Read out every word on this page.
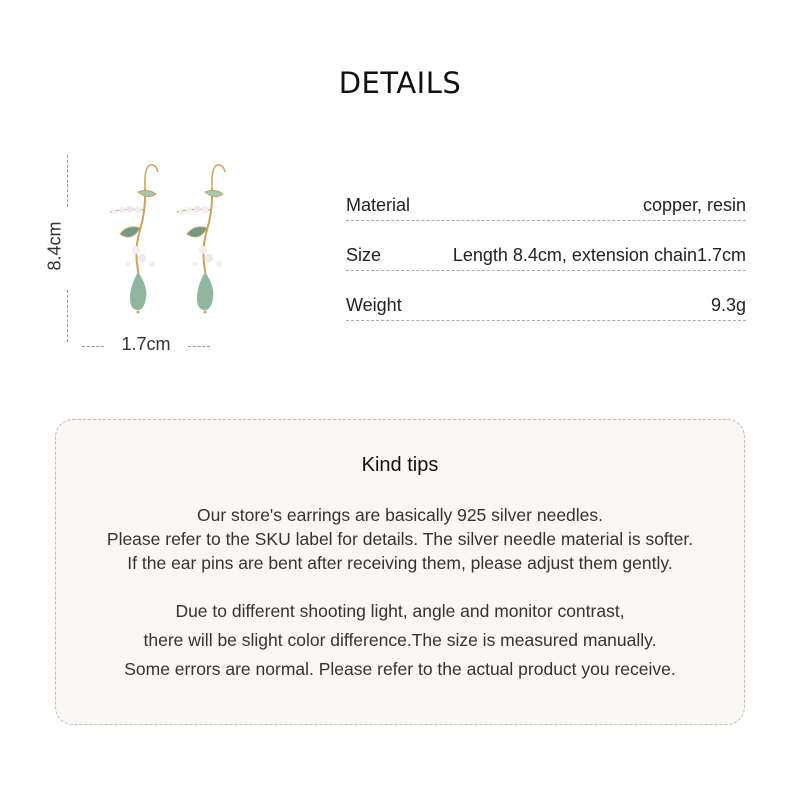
DETAILS
8.4cm
1.7cm
Material	copper, resin
Size	Length 8.4cm, extension chain1.7cm
Weight	9.3g
Kind tips
Our store's earrings are basically 925 silver needles.
Please refer to the SKU label for details. The silver needle material is softer.
If the ear pins are bent after receiving them, please adjust them gently.
Due to different shooting light, angle and monitor contrast,
there will be slight color difference.The size is measured manually.
Some errors are normal. Please refer to the actual product you receive.
